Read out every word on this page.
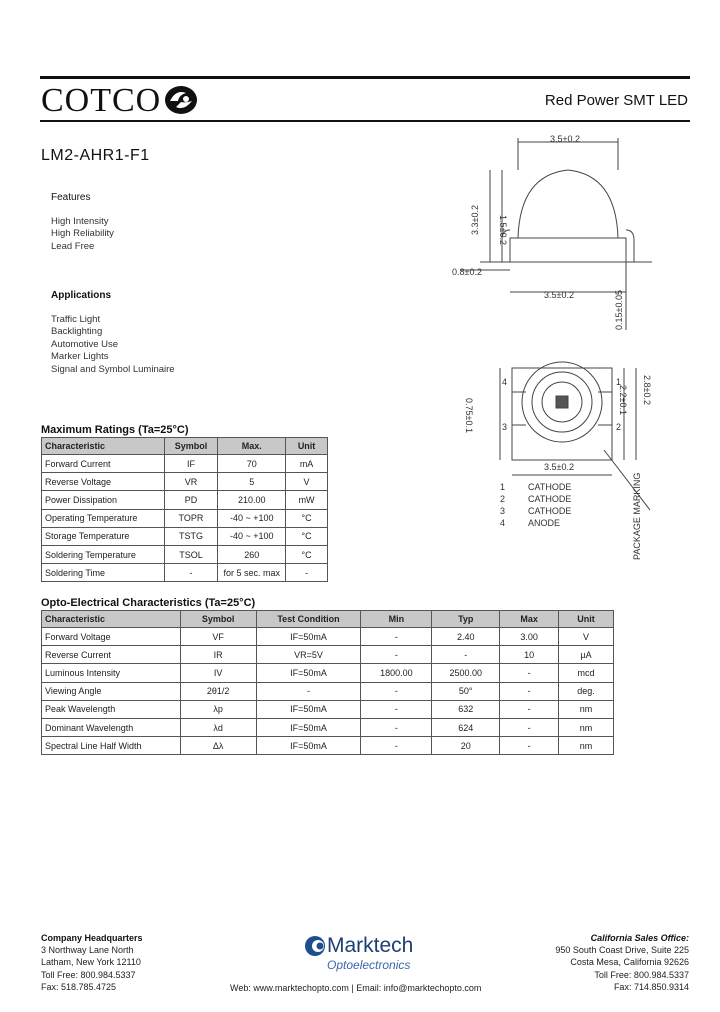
COTCO	Red Power SMT LED
LM2-AHR1-F1
Features
High Intensity
High Reliability
Lead Free
Applications
Traffic Light
Backlighting
Automotive Use
Marker Lights
Signal and Symbol Luminaire
3.5±0.2
1.5±0.2
3.3±0.2
0.8±0.2
3.5±0.2	0.15±0.05
0.75±0.1	2.2±0.1 2.8±0.2
3.5±0.2
1
2
3
4
1	CATHODE
2	CATHODE
3	CATHODE
4	ANODE	PACKAGE MARKING
Maximum Ratings (Ta=25°C)
Characteristic	Symbol	Max.	Unit
Forward Current	IF	70	mA
Reverse Voltage	VR	5	V
Power Dissipation	PD	210.00	mW
Operating Temperature	TOPR	-40 ~ +100	°C
Storage Temperature	TSTG	-40 ~ +100	°C
Soldering Temperature	TSOL	260	°C
Soldering Time	-	for 5 sec. max	-
Opto-Electrical Characteristics (Ta=25°C)
Characteristic	Symbol	Test Condition	Min	Typ	Max	Unit
Forward Voltage	VF	IF=50mA	-	2.40	3.00	V
Reverse Current	IR	VR=5V	-	-	10	µA
Luminous Intensity	IV	IF=50mA	1800.00	2500.00	-	mcd
Viewing Angle	2θ1/2	-	-	50°	-	deg.
Peak Wavelength	λp	IF=50mA	-	632	-	nm
Dominant Wavelength	λd	IF=50mA	-	624	-	nm
Spectral Line Half Width	Δλ	IF=50mA	-	20	-	nm
Company Headquarters
3 Northway Lane North
Latham, New York 12110
Toll Free: 800.984.5337
Fax: 518.785.4725
Marktech
Optoelectronics
Web: www.marktechopto.com | Email: info@marktechopto.com
California Sales Office:
950 South Coast Drive, Suite 225
Costa Mesa, California 92626
Toll Free: 800.984.5337
Fax: 714.850.9314
